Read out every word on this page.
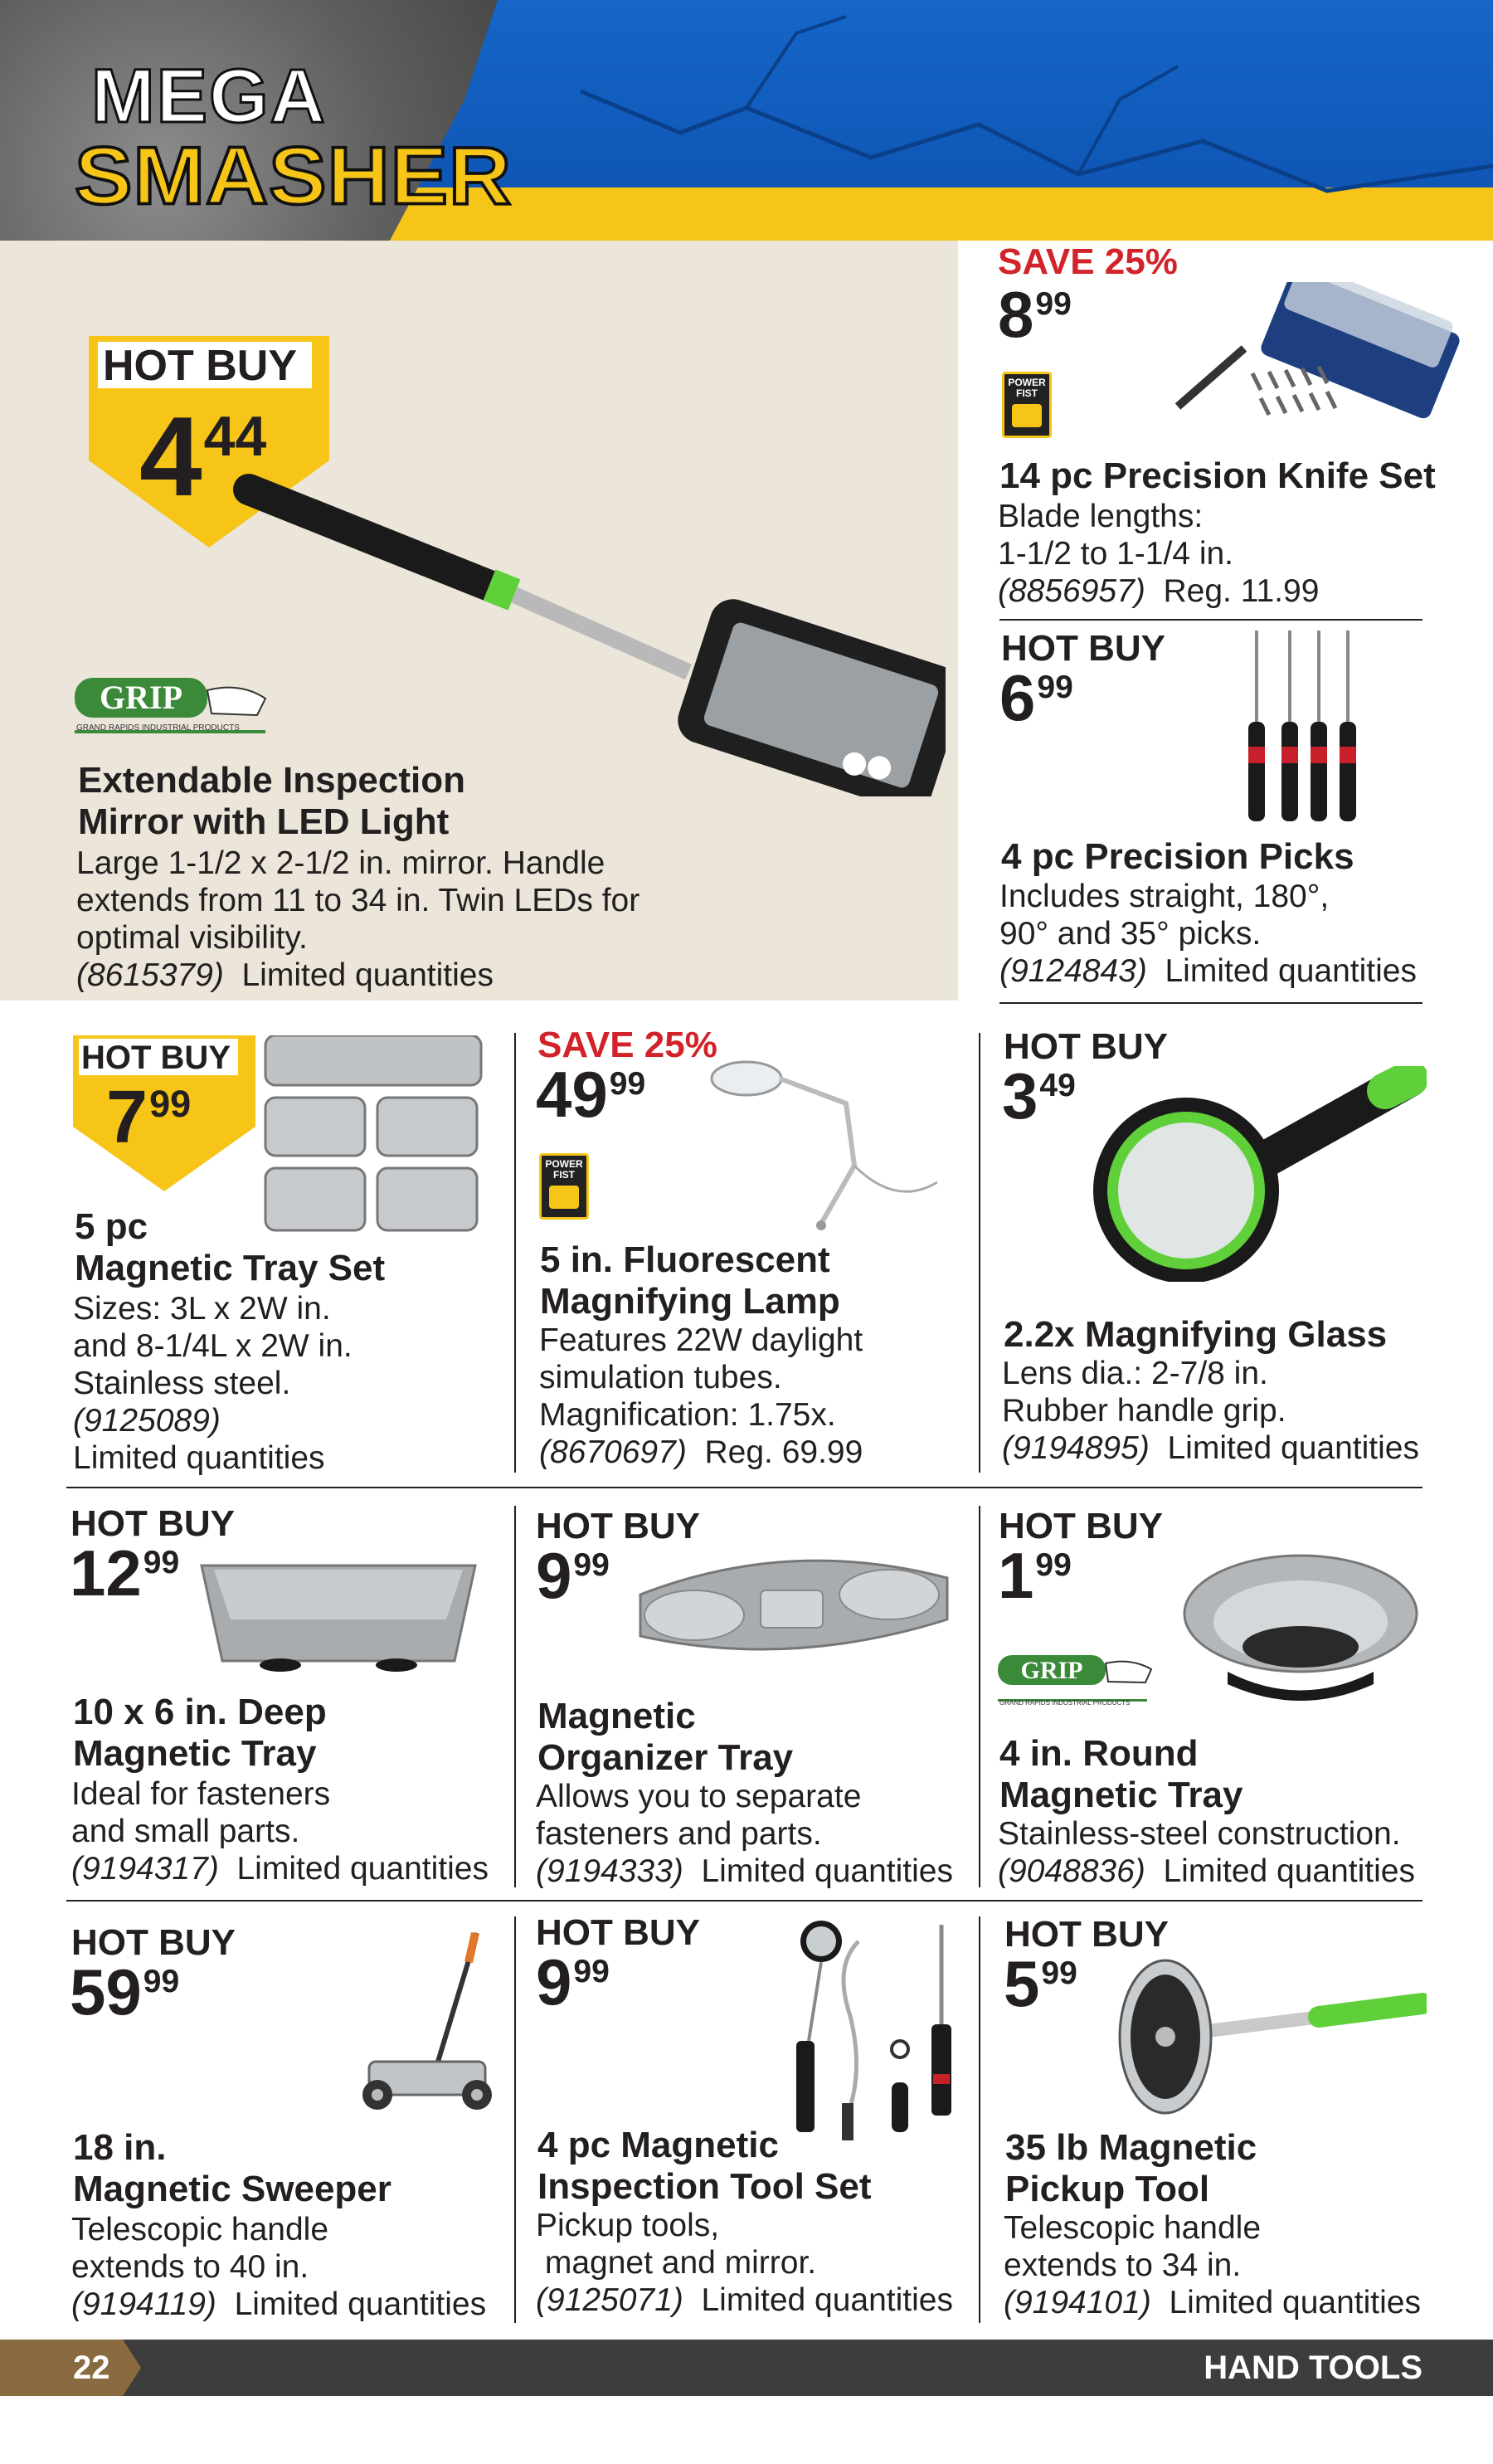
MEGA
SMASHER
HOT BUY
$4^{44}$
GRIP
GRAND RAPIDS INDUSTRIAL PRODUCTS
Extendable Inspection
Mirror with LED Light
Large 1-1/2 x 2-1/2 in. mirror. Handle
extends from 11 to 34 in. Twin LEDs for
optimal visibility.
(8615379) Limited quantities
SAVE 25%
$8^{99}$
POWER FIST
14 pc Precision Knife Set
Blade lengths:
1-1/2 to 1-1/4 in.
(8856957) Reg. 11.99
HOT BUY
$6^{99}$
4 pc Precision Picks
Includes straight, 180°,
90° and 35° picks.
(9124843) Limited quantities
HOT BUY
$7^{99}$
5 pc
Magnetic Tray Set
Sizes: 3L x 2W in.
and 8-1/4L x 2W in.
Stainless steel.
(9125089)
Limited quantities
SAVE 25%
$49^{99}$
POWER FIST
5 in. Fluorescent
Magnifying Lamp
Features 22W daylight
simulation tubes.
Magnification: 1.75x.
(8670697) Reg. 69.99
HOT BUY
$3^{49}$
2.2x Magnifying Glass
Lens dia.: 2-7/8 in.
Rubber handle grip.
(9194895) Limited quantities
HOT BUY
$12^{99}$
10 x 6 in. Deep
Magnetic Tray
Ideal for fasteners
and small parts.
(9194317) Limited quantities
HOT BUY
$9^{99}$
Magnetic
Organizer Tray
Allows you to separate
fasteners and parts.
(9194333) Limited quantities
HOT BUY
$1^{99}$
GRIP
GRAND RAPIDS INDUSTRIAL PRODUCTS
4 in. Round
Magnetic Tray
Stainless-steel construction.
(9048836) Limited quantities
HOT BUY
$59^{99}$
18 in.
Magnetic Sweeper
Telescopic handle
extends to 40 in.
(9194119) Limited quantities
HOT BUY
$9^{99}$
4 pc Magnetic
Inspection Tool Set
Pickup tools,
magnet and mirror.
(9125071) Limited quantities
HOT BUY
$5^{99}$
35 lb Magnetic
Pickup Tool
Telescopic handle
extends to 34 in.
(9194101) Limited quantities
22	HAND TOOLS
